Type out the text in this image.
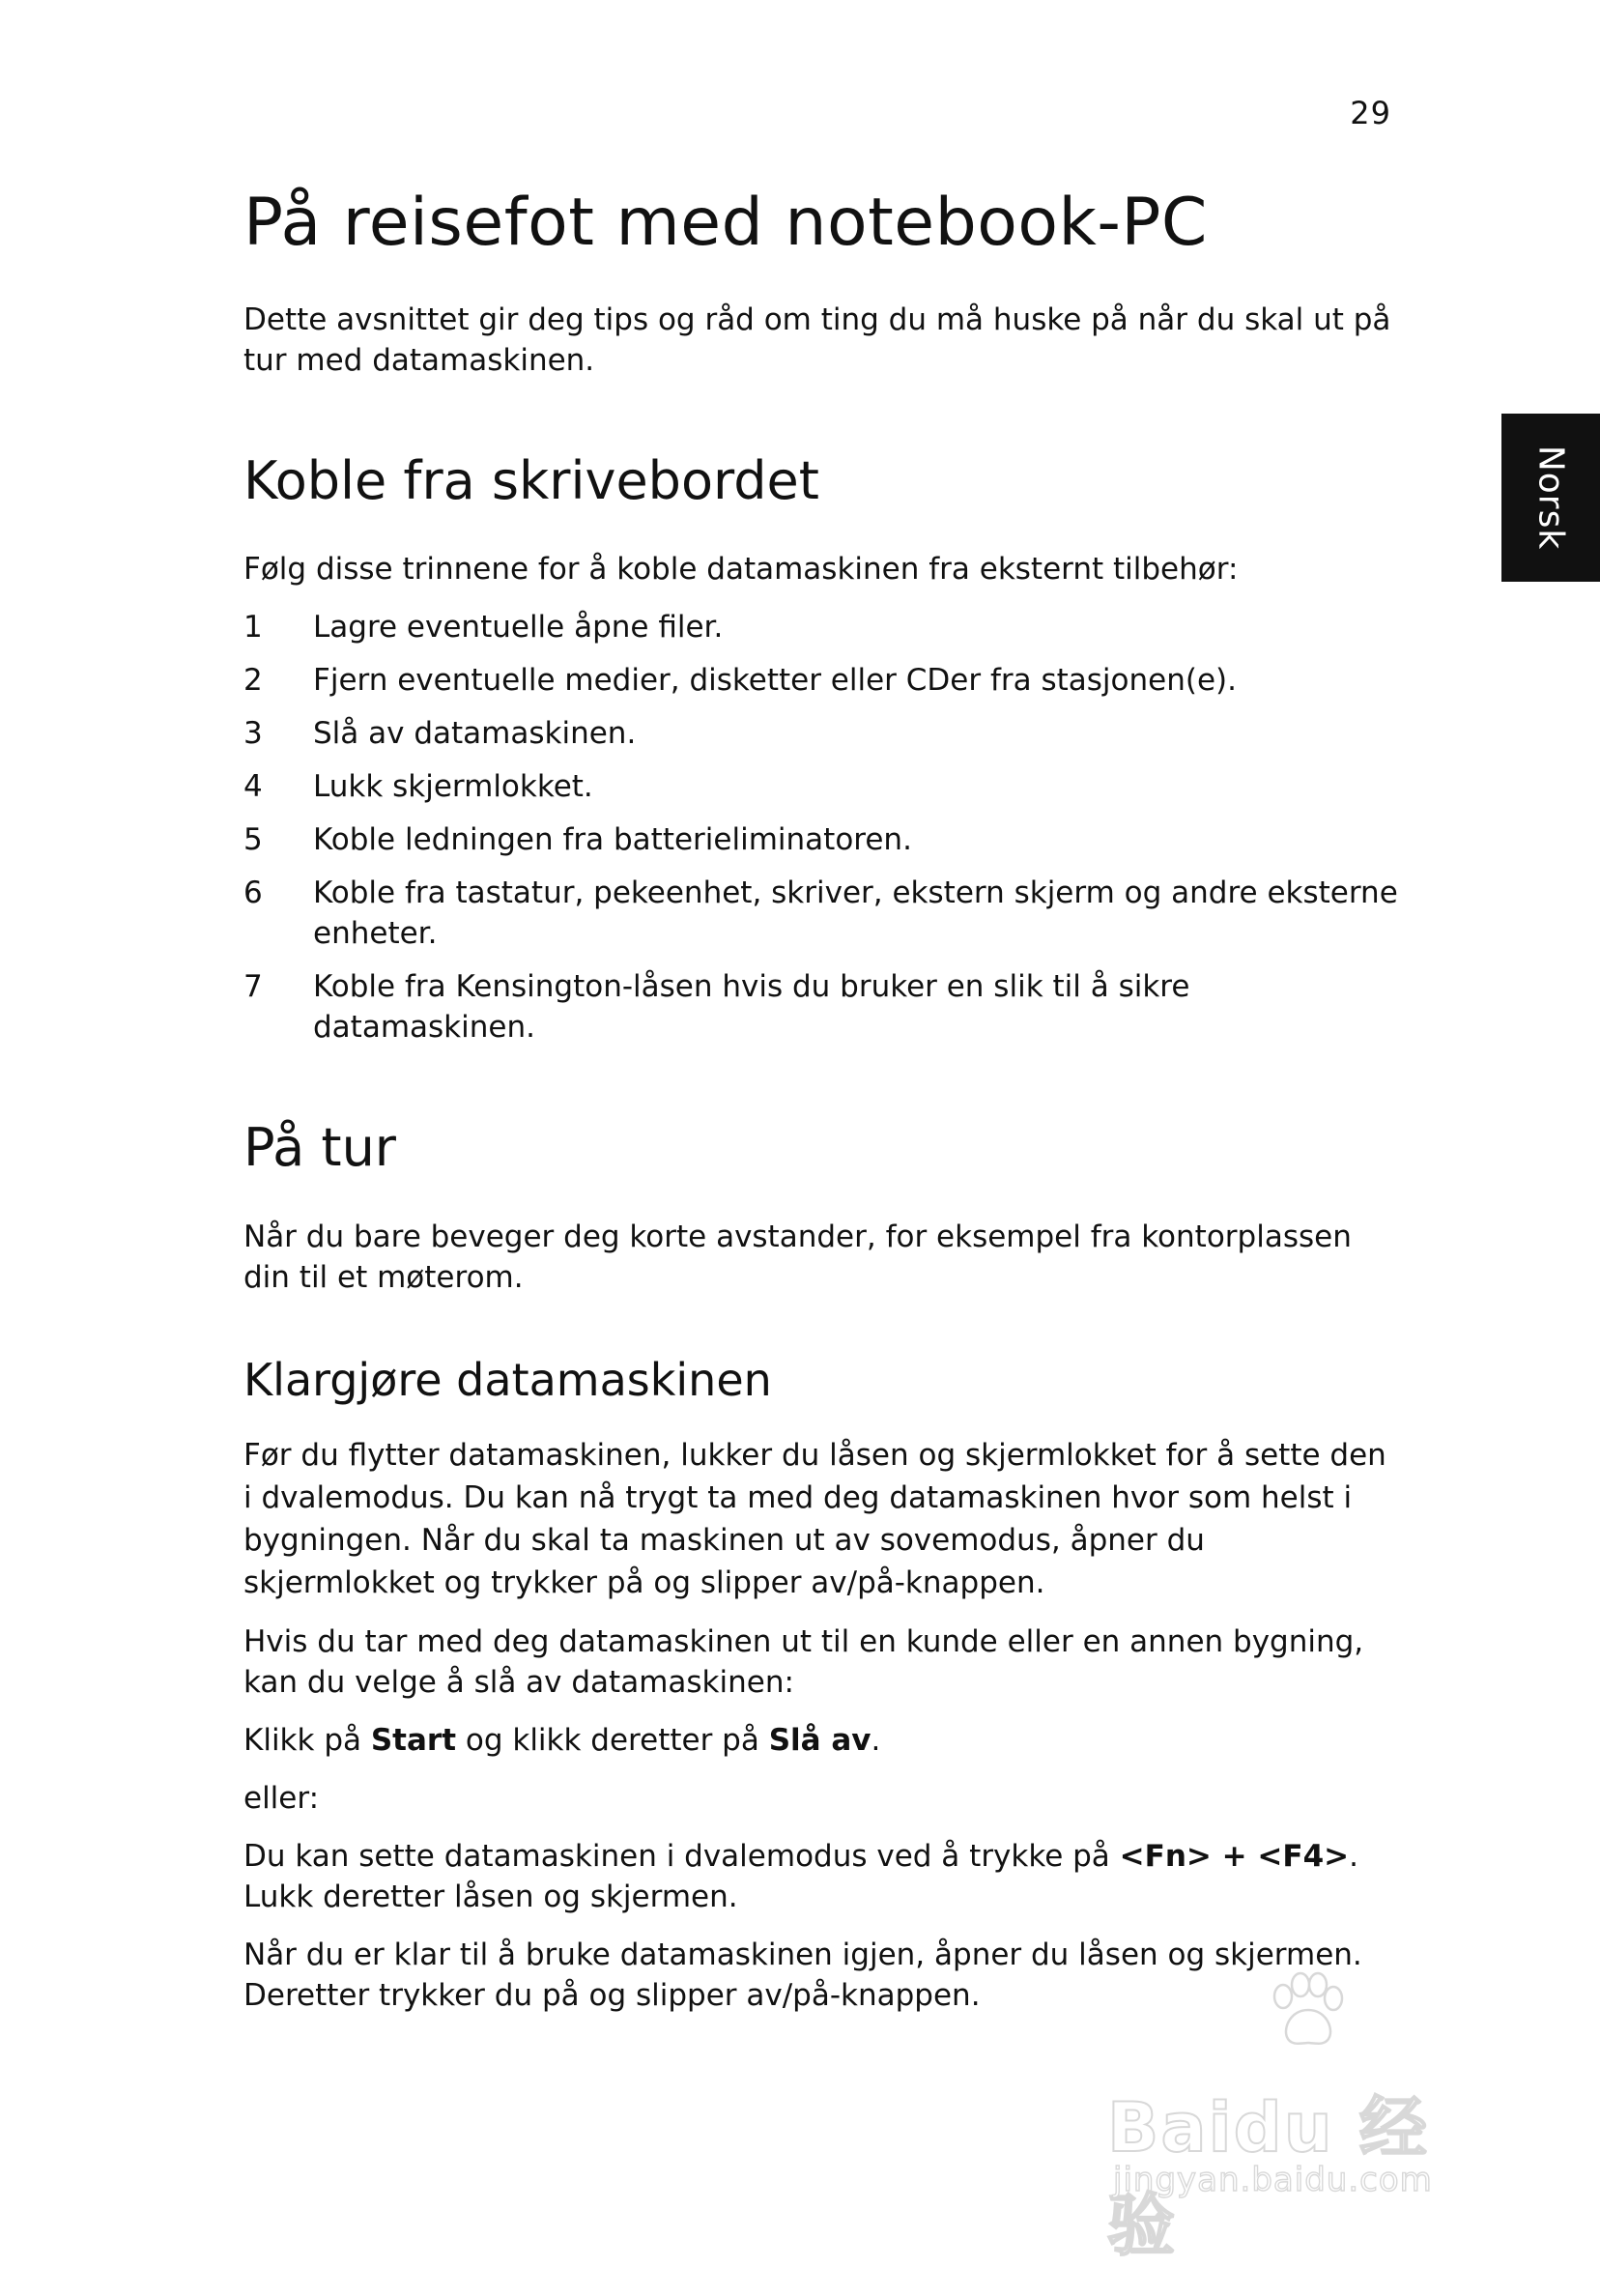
29
Norsk
På reisefot med notebook-PC

Dette avsnittet gir deg tips og råd om ting du må huske på når du skal ut på tur med datamaskinen.

Koble fra skrivebordet

Følg disse trinnene for å koble datamaskinen fra eksternt tilbehør:

1	Lagre eventuelle åpne filer.
2	Fjern eventuelle medier, disketter eller CDer fra stasjonen(e).
3	Slå av datamaskinen.
4	Lukk skjermlokket.
5	Koble ledningen fra batterieliminatoren.
6	Koble fra tastatur, pekeenhet, skriver, ekstern skjerm og andre eksterne enheter.
7	Koble fra Kensington-låsen hvis du bruker en slik til å sikre datamaskinen.
På tur

Når du bare beveger deg korte avstander, for eksempel fra kontorplassen din til et møterom.

Klargjøre datamaskinen

Før du flytter datamaskinen, lukker du låsen og skjermlokket for å sette den i dvalemodus. Du kan nå trygt ta med deg datamaskinen hvor som helst i bygningen. Når du skal ta maskinen ut av sovemodus, åpner du skjermlokket og trykker på og slipper av/på-knappen.

Hvis du tar med deg datamaskinen ut til en kunde eller en annen bygning, kan du velge å slå av datamaskinen:

Klikk på Start og klikk deretter på Slå av.

eller:

Du kan sette datamaskinen i dvalemodus ved å trykke på <Fn> + <F4>.
Lukk deretter låsen og skjermen.

Når du er klar til å bruke datamaskinen igjen, åpner du låsen og skjermen.
Deretter trykker du på og slipper av/på-knappen.

Baidu 经验
jingyan.baidu.com
